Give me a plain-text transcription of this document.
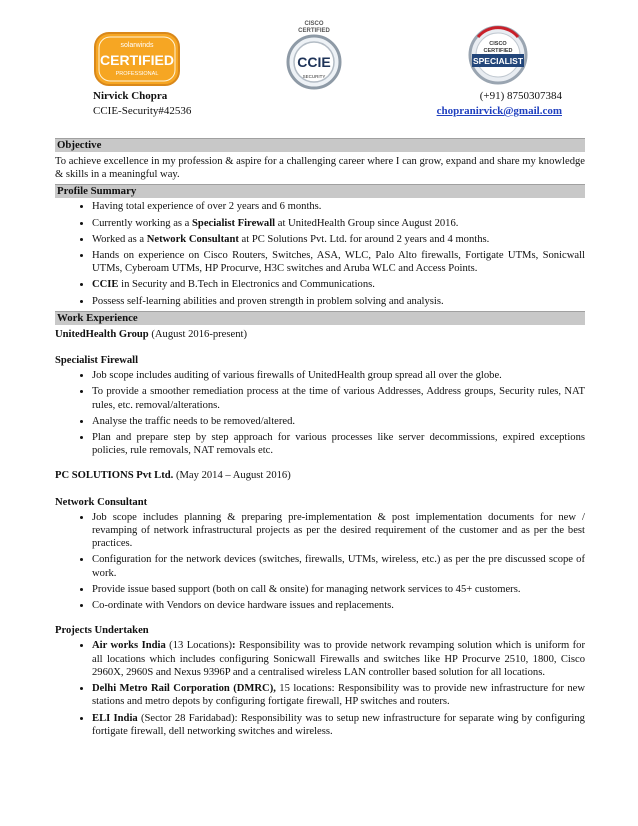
solarwinds
CERTIFIED
PROFESSIONAL
CISCO
CERTIFIED
CCIE
SECURITY
CISCO
CERTIFIED
SPECIALIST
Nirvick Chopra
CCIE-Security#42536
(+91) 8750307384
chopranirvick@gmail.com
Objective
To achieve excellence in my profession & aspire for a challenging career where I can grow, expand and share my knowledge & skills in a meaningful way.
Profile Summary
• Having total experience of over 2 years and 6 months.
• Currently working as a Specialist Firewall at UnitedHealth Group since August 2016.
• Worked as a Network Consultant at PC Solutions Pvt. Ltd. for around 2 years and 4 months.
• Hands on experience on Cisco Routers, Switches, ASA, WLC, Palo Alto firewalls, Fortigate UTMs, Sonicwall UTMs, Cyberoam UTMs, HP Procurve, H3C switches and Aruba WLC and Access Points.
• CCIE in Security and B.Tech in Electronics and Communications.
• Possess self-learning abilities and proven strength in problem solving and analysis.
Work Experience
UnitedHealth Group (August 2016-present)
Specialist Firewall
• Job scope includes auditing of various firewalls of UnitedHealth group spread all over the globe.
• To provide a smoother remediation process at the time of various Addresses, Address groups, Security rules, NAT rules, etc. removal/alterations.
• Analyse the traffic needs to be removed/altered.
• Plan and prepare step by step approach for various processes like server decommissions, expired exceptions policies, rule removals, NAT removals etc.
PC SOLUTIONS Pvt Ltd. (May 2014 – August 2016)
Network Consultant
• Job scope includes planning & preparing pre-implementation & post implementation documents for new / revamping of network infrastructural projects as per the desired requirement of the customer and as per the best practices.
• Configuration for the network devices (switches, firewalls, UTMs, wireless, etc.) as per the pre discussed scope of work.
• Provide issue based support (both on call & onsite) for managing network services to 45+ customers.
• Co-ordinate with Vendors on device hardware issues and replacements.
Projects Undertaken
• Air works India (13 Locations): Responsibility was to provide network revamping solution which is uniform for all locations which includes configuring Sonicwall Firewalls and switches like HP Procurve 2510, 1800, Cisco 2960X, 2960S and Nexus 9396P and a centralised wireless LAN controller based solution for all locations.
• Delhi Metro Rail Corporation (DMRC), 15 locations: Responsibility was to provide new infrastructure for new stations and metro depots by configuring fortigate firewall, HP switches and routers.
• ELI India (Sector 28 Faridabad): Responsibility was to setup new infrastructure for separate wing by configuring fortigate firewall, dell networking switches and wireless.
